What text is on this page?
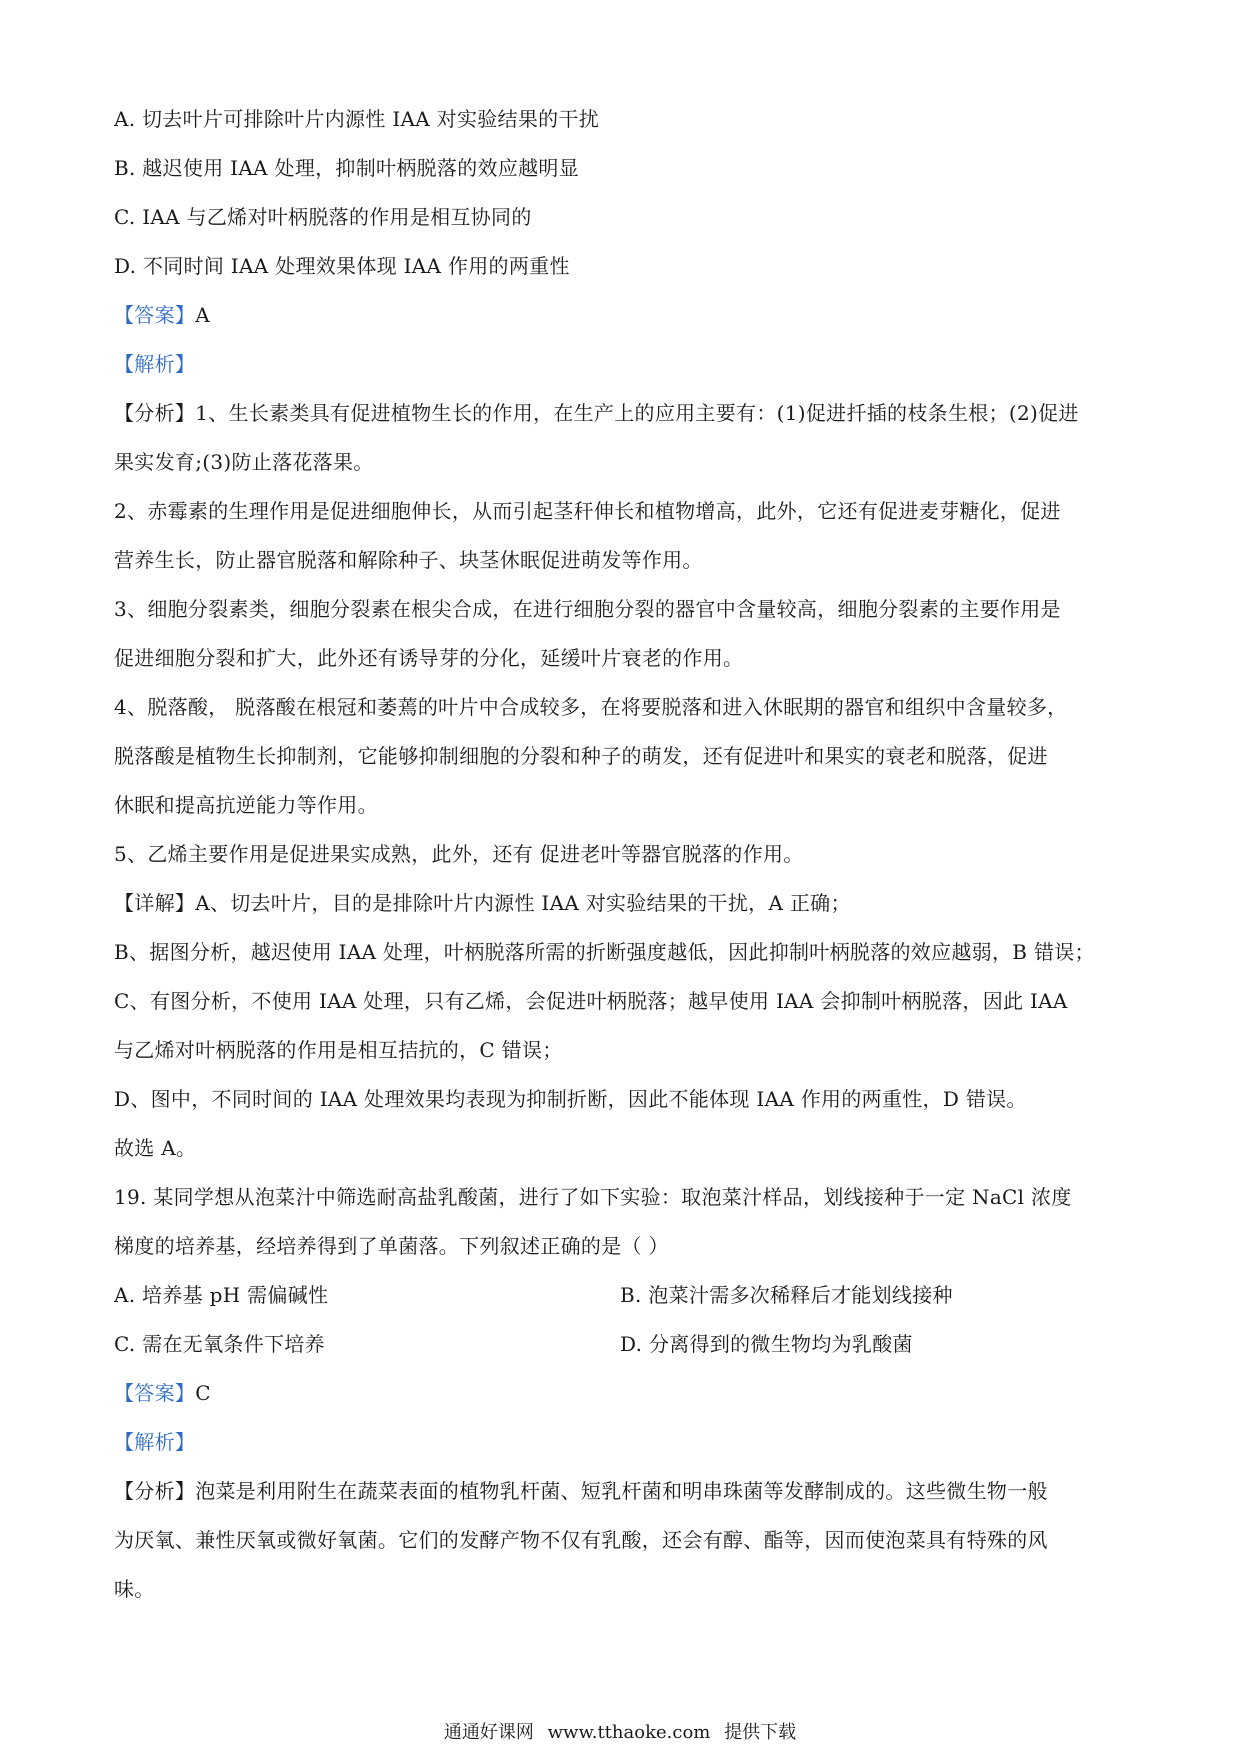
A. 切去叶片可排除叶片内源性 IAA 对实验结果的干扰
B. 越迟使用 IAA 处理，抑制叶柄脱落的效应越明显
C. IAA 与乙烯对叶柄脱落的作用是相互协同的
D. 不同时间 IAA 处理效果体现 IAA 作用的两重性
【答案】A
【解析】
【分析】1、生长素类具有促进植物生长的作用，在生产上的应用主要有：(1)促进扦插的枝条生根；(2)促进
果实发育;(3)防止落花落果。
2、赤霉素的生理作用是促进细胞伸长，从而引起茎秆伸长和植物增高，此外，它还有促进麦芽糖化，促进
营养生长，防止器官脱落和解除种子、块茎休眠促进萌发等作用。
3、细胞分裂素类，细胞分裂素在根尖合成，在进行细胞分裂的器官中含量较高，细胞分裂素的主要作用是
促进细胞分裂和扩大，此外还有诱导芽的分化，延缓叶片衰老的作用。
4、脱落酸， 脱落酸在根冠和萎蔫的叶片中合成较多，在将要脱落和进入休眠期的器官和组织中含量较多，
脱落酸是植物生长抑制剂，它能够抑制细胞的分裂和种子的萌发，还有促进叶和果实的衰老和脱落，促进
休眠和提高抗逆能力等作用。
5、乙烯主要作用是促进果实成熟，此外，还有 促进老叶等器官脱落的作用。
【详解】A、切去叶片，目的是排除叶片内源性 IAA 对实验结果的干扰，A 正确；
B、据图分析，越迟使用 IAA 处理，叶柄脱落所需的折断强度越低，因此抑制叶柄脱落的效应越弱，B 错误；
C、有图分析，不使用 IAA 处理，只有乙烯，会促进叶柄脱落；越早使用 IAA 会抑制叶柄脱落，因此 IAA
与乙烯对叶柄脱落的作用是相互拮抗的，C 错误；
D、图中，不同时间的 IAA 处理效果均表现为抑制折断，因此不能体现 IAA 作用的两重性，D 错误。
故选 A。
19. 某同学想从泡菜汁中筛选耐高盐乳酸菌，进行了如下实验：取泡菜汁样品，划线接种于一定 NaCl 浓度
梯度的培养基，经培养得到了单菌落。下列叙述正确的是（ ）
A. 培养基 pH 需偏碱性	B. 泡菜汁需多次稀释后才能划线接种
C. 需在无氧条件下培养	D. 分离得到的微生物均为乳酸菌
【答案】C
【解析】
【分析】泡菜是利用附生在蔬菜表面的植物乳杆菌、短乳杆菌和明串珠菌等发酵制成的。这些微生物一般
为厌氧、兼性厌氧或微好氧菌。它们的发酵产物不仅有乳酸，还会有醇、酯等，因而使泡菜具有特殊的风
味。
通通好课网 www.tthaoke.com 提供下载
